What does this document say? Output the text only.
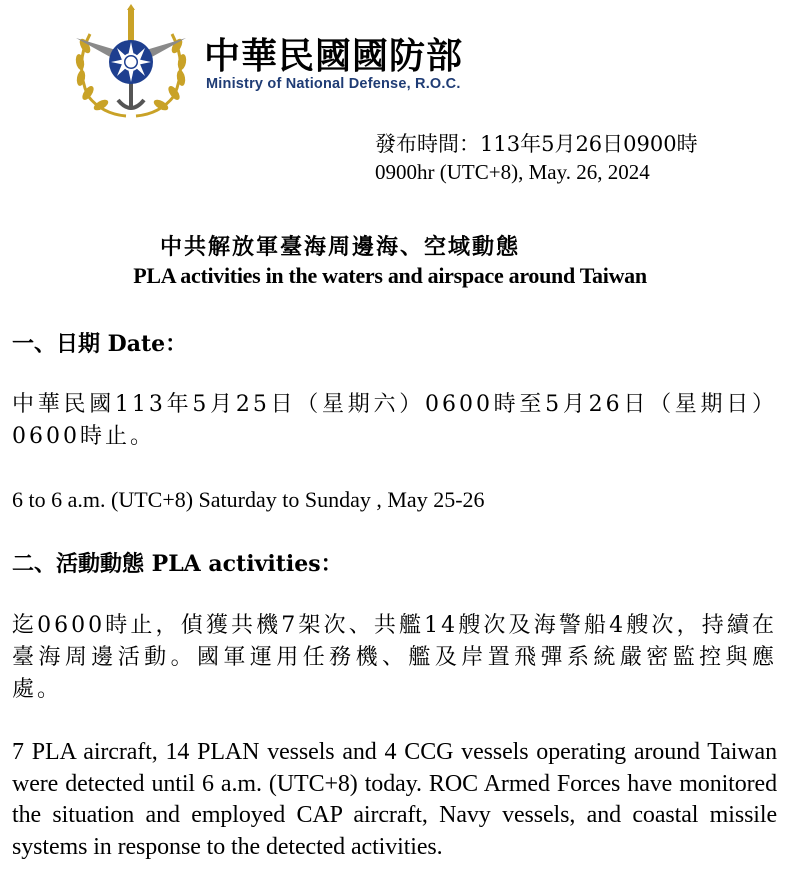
中華民國國防部
Ministry of National Defense, R.O.C.
發布時間：113年5月26日0900時
0900hr (UTC+8), May. 26, 2024
中共解放軍臺海周邊海、空域動態
PLA activities in the waters and airspace around Taiwan
一、日期 Date：
中華民國113年5月25日（星期六）0600時至5月26日（星期日）0600時止。
6 to 6 a.m. (UTC+8) Saturday to Sunday , May 25-26
二、活動動態 PLA activities：
迄0600時止，偵獲共機7架次、共艦14艘次及海警船4艘次，持續在臺海周邊活動。國軍運用任務機、艦及岸置飛彈系統嚴密監控與應處。
7 PLA aircraft, 14 PLAN vessels and 4 CCG vessels operating around Taiwan were detected until 6 a.m. (UTC+8) today. ROC Armed Forces have monitored the situation and employed CAP aircraft, Navy vessels, and coastal missile systems in response to the detected activities.
